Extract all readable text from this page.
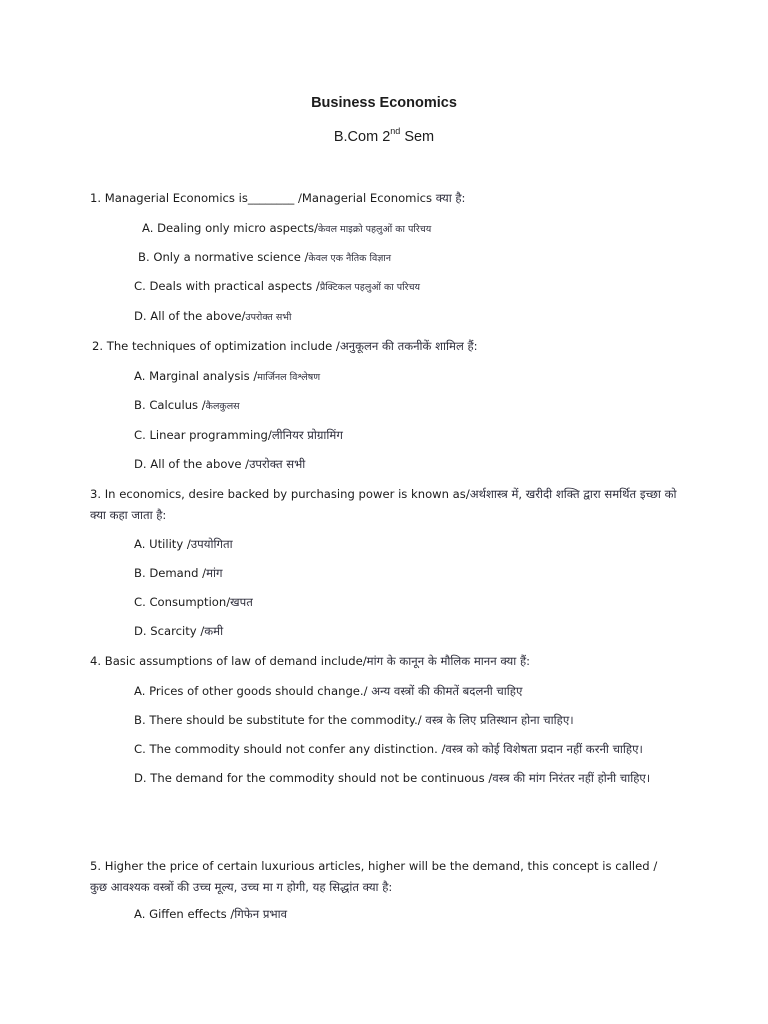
Business Economics
B.Com 2nd Sem
1. Managerial Economics is________ /Managerial Economics क्या है:
A. Dealing only micro aspects/केवल माइक्रो पहलुओं का परिचय
B. Only a normative science /केवल एक नैतिक विज्ञान
C. Deals with practical aspects /प्रैक्टिकल पहलुओं का परिचय
D. All of the above/उपरोक्त सभी
2. The techniques of optimization include /अनुकूलन की तकनीकें शामिल हैं:
A. Marginal analysis /मार्जिनल विश्लेषण
B. Calculus /कैलकुलस
C. Linear programming/लीनियर प्रोग्रामिंग
D. All of the above /उपरोक्त सभी
3. In economics, desire backed by purchasing power is known as/अर्थशास्त्र में, खरीदी शक्ति द्वारा समर्थित इच्छा को क्या कहा जाता है:
A. Utility /उपयोगिता
B. Demand /मांग
C. Consumption/खपत
D. Scarcity /कमी
4. Basic assumptions of law of demand include/मांग के कानून के मौलिक मानन क्या हैं:
A. Prices of other goods should change./ अन्य वस्त्रों की कीमतें बदलनी चाहिए
B. There should be substitute for the commodity./ वस्त्र के लिए प्रतिस्थान होना चाहिए।
C. The commodity should not confer any distinction. /वस्त्र को कोई विशेषता प्रदान नहीं करनी चाहिए।
D. The demand for the commodity should not be continuous /वस्त्र की मांग निरंतर नहीं होनी चाहिए।
5. Higher the price of certain luxurious articles, higher will be the demand, this concept is called /कुछ आवश्यक वस्त्रों की उच्च मूल्य, उच्च मा ग होगी, यह सिद्धांत क्या है:
A. Giffen effects /गिफेन प्रभाव
